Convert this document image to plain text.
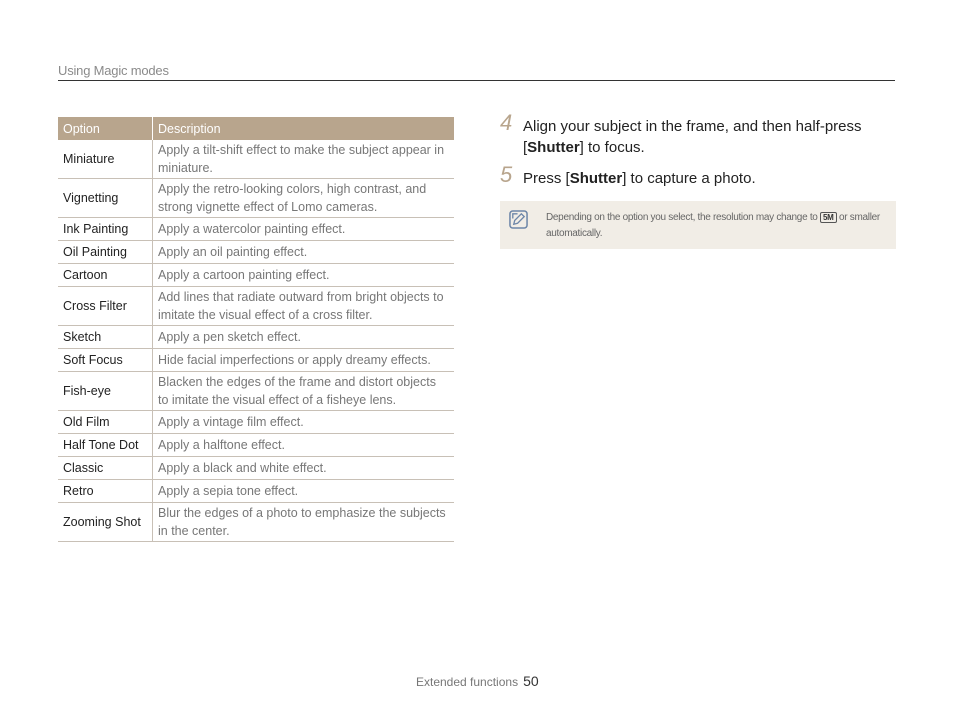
Using Magic modes
Option	Description
Miniature	Apply a tilt-shift effect to make the subject appear in miniature.
Vignetting	Apply the retro-looking colors, high contrast, and strong vignette effect of Lomo cameras.
Ink Painting	Apply a watercolor painting effect.
Oil Painting	Apply an oil painting effect.
Cartoon	Apply a cartoon painting effect.
Cross Filter	Add lines that radiate outward from bright objects to imitate the visual effect of a cross filter.
Sketch	Apply a pen sketch effect.
Soft Focus	Hide facial imperfections or apply dreamy effects.
Fish-eye	Blacken the edges of the frame and distort objects to imitate the visual effect of a fisheye lens.
Old Film	Apply a vintage film effect.
Half Tone Dot	Apply a halftone effect.
Classic	Apply a black and white effect.
Retro	Apply a sepia tone effect.
Zooming Shot	Blur the edges of a photo to emphasize the subjects in the center.
4 Align your subject in the frame, and then half-press [Shutter] to focus.
5 Press [Shutter] to capture a photo.
Depending on the option you select, the resolution may change to 5M or smaller automatically.
Extended functions 50
